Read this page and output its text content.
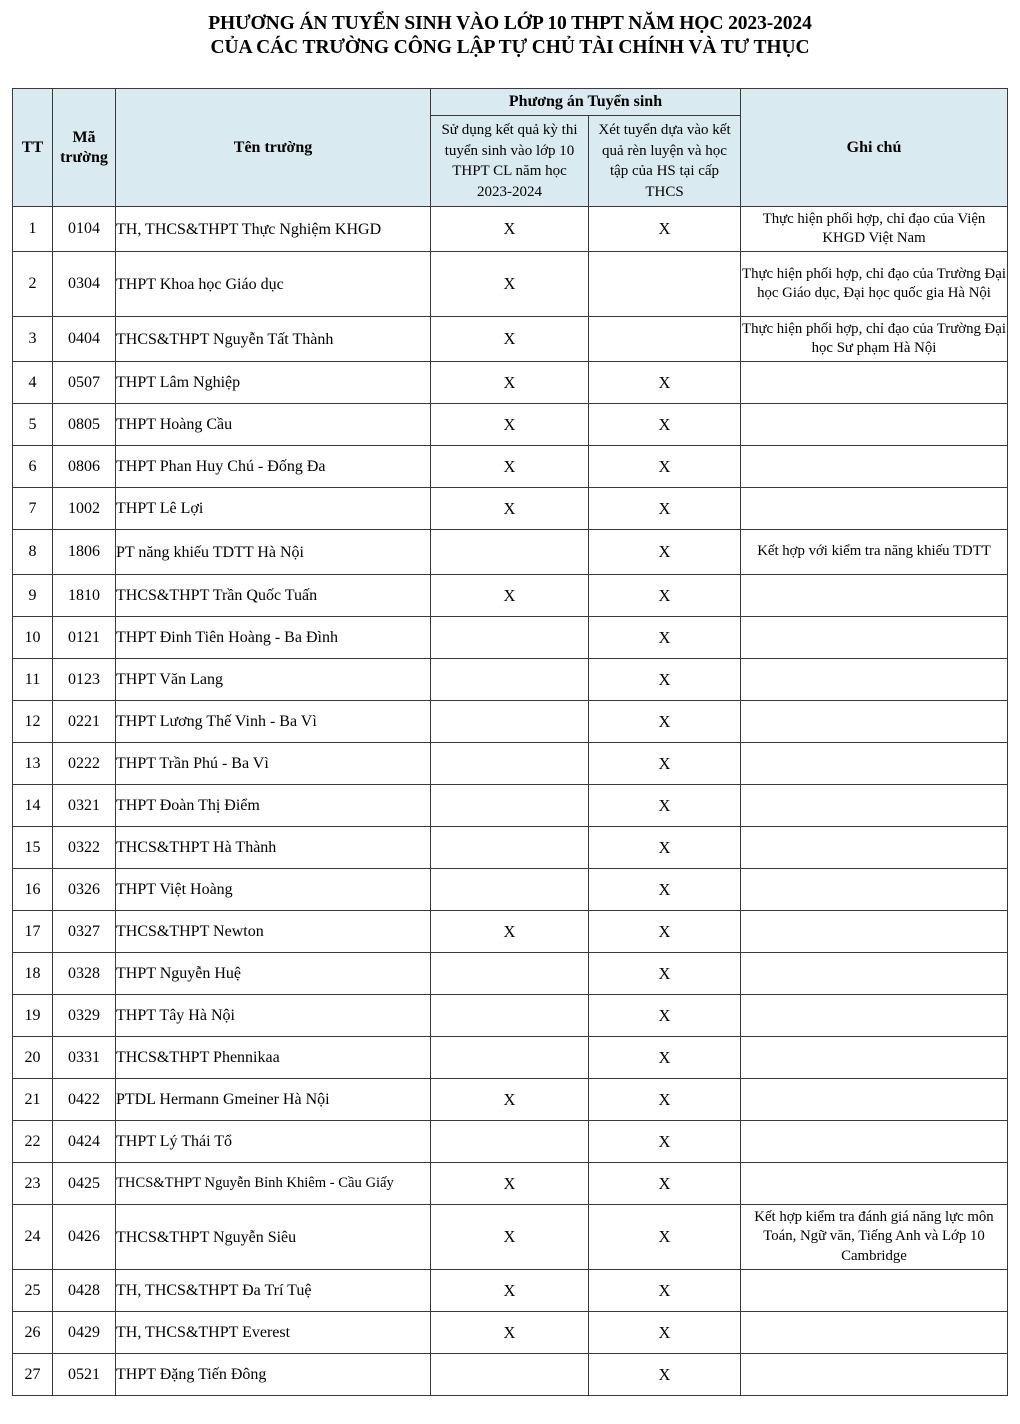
PHƯƠNG ÁN TUYỂN SINH VÀO LỚP 10 THPT NĂM HỌC 2023-2024
CỦA CÁC TRƯỜNG CÔNG LẬP TỰ CHỦ TÀI CHÍNH VÀ TƯ THỤC
TT	Mã trường	Tên trường	Phương án Tuyển sinh		Ghi chú
			Sử dụng kết quả kỳ thi tuyển sinh vào lớp 10 THPT CL năm học 2023-2024	Xét tuyển dựa vào kết quả rèn luyện và học tập của HS tại cấp THCS	
1	0104	TH, THCS&THPT Thực Nghiệm KHGD	X	X	Thực hiện phối hợp, chỉ đạo của Viện KHGD Việt Nam
2	0304	THPT Khoa học Giáo dục	X		Thực hiện phối hợp, chỉ đạo của Trường Đại học Giáo dục, Đại học quốc gia Hà Nội
3	0404	THCS&THPT Nguyễn Tất Thành	X		Thực hiện phối hợp, chỉ đạo của Trường Đại học Sư phạm Hà Nội
4	0507	THPT Lâm Nghiệp	X	X	
5	0805	THPT Hoàng Cầu	X	X	
6	0806	THPT Phan Huy Chú - Đống Đa	X	X	
7	1002	THPT Lê Lợi	X	X	
8	1806	PT năng khiếu TDTT Hà Nội		X	Kết hợp với kiểm tra năng khiếu TDTT
9	1810	THCS&THPT Trần Quốc Tuấn	X	X	
10	0121	THPT Đinh Tiên Hoàng - Ba Đình		X	
11	0123	THPT Văn Lang		X	
12	0221	THPT Lương Thế Vinh - Ba Vì		X	
13	0222	THPT Trần Phú - Ba Vì		X	
14	0321	THPT Đoàn Thị Điểm		X	
15	0322	THCS&THPT Hà Thành		X	
16	0326	THPT Việt Hoàng		X	
17	0327	THCS&THPT Newton	X	X	
18	0328	THPT Nguyễn Huệ		X	
19	0329	THPT Tây Hà Nội		X	
20	0331	THCS&THPT Phennikaa		X	
21	0422	PTDL Hermann Gmeiner Hà Nội	X	X	
22	0424	THPT Lý Thái Tổ		X	
23	0425	THCS&THPT Nguyễn Bỉnh Khiêm - Cầu Giấy	X	X	
24	0426	THCS&THPT Nguyễn Siêu	X	X	Kết hợp kiểm tra đánh giá năng lực môn Toán, Ngữ văn, Tiếng Anh và Lớp 10 Cambridge
25	0428	TH, THCS&THPT Đa Trí Tuệ	X	X	
26	0429	TH, THCS&THPT Everest	X	X	
27	0521	THPT Đặng Tiến Đông		X	
